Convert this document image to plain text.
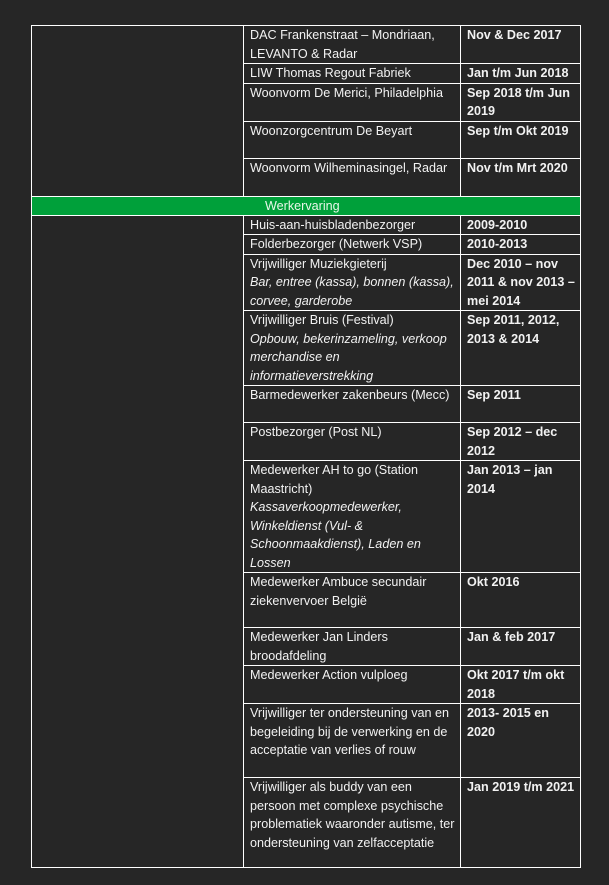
	DAC Frankenstraat – Mondriaan, LEVANTO & Radar	Nov & Dec 2017
	LIW Thomas Regout Fabriek	Jan t/m Jun 2018
	Woonvorm De Merici, Philadelphia	Sep 2018 t/m Jun 2019
	Woonzorgcentrum De Beyart	Sep t/m Okt 2019
	Woonvorm Wilheminasingel, Radar	Nov t/m Mrt 2020
Werkervaring		
	Huis-aan-huisbladenbezorger	2009-2010
	Folderbezorger (Netwerk VSP)	2010-2013

	Vrijwilliger Muziekgieterij
Bar, entree (kassa), bonnen (kassa), corvee, garderobe	Dec 2010 – nov 2011 & nov 2013 – mei 2014

	Vrijwilliger Bruis (Festival)
Opbouw, bekerinzameling, verkoop merchandise en informatieverstrekking	Sep 2011, 2012, 2013 & 2014
	Barmedewerker zakenbeurs (Mecc)	Sep 2011
	Postbezorger (Post NL)	Sep 2012 – dec 2012

	Medewerker AH to go (Station Maastricht)
Kassaverkoopmedewerker, Winkeldienst (Vul- & Schoonmaakdienst), Laden en Lossen	Jan 2013 – jan 2014
	Medewerker Ambuce secundair ziekenvervoer België	Okt 2016
	Medewerker Jan Linders broodafdeling	Jan & feb 2017
	Medewerker Action vulploeg	Okt 2017 t/m okt 2018
	Vrijwilliger ter ondersteuning van en begeleiding bij de verwerking en de acceptatie van verlies of rouw	2013- 2015 en 2020
	Vrijwilliger als buddy van een persoon met complexe psychische problematiek waaronder autisme, ter ondersteuning van zelfacceptatie	Jan 2019 t/m 2021
